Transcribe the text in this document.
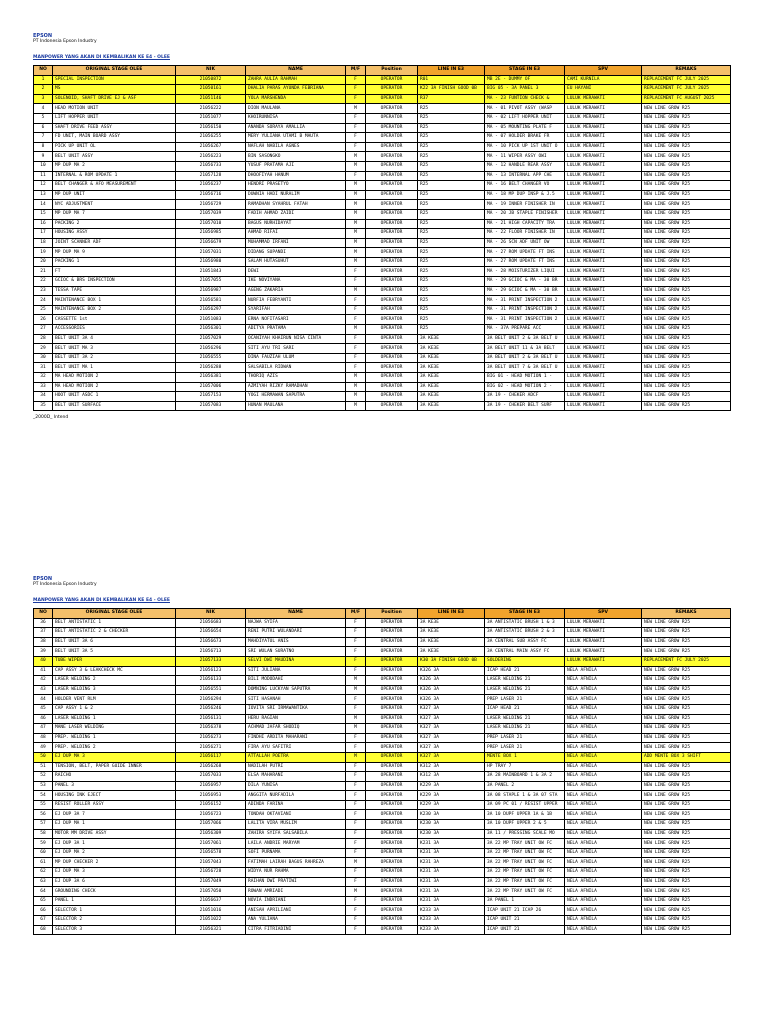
EPSON
PT Indonesia Epson Industry
MANPOWER YANG AKAN DI KEMBALIKAN KE E4 - OLEE
NO	ORIGINAL STAGE OLEE	NIK	NAME	M/F	Position	LINE IN E3	STAGE IN E3	SPV	REMAKS
1	SPECIAL INSPECTION	21050872	ZAHRA AULIA RAHMAH	F	OPERATOR	R01	MB 2E - DUMMY OF	CAMI KURNILA	REPLACEMENT FC JULY 2025
2	MS	21050161	DHALIA PARAS AYUNDA FEBRIANA	F	OPERATOR	K22 3A FINISH GOOD 0B	BIG 05 - 3A PANEL 3	EU HAYANI	REPLACEMENT FC JULY 2025
3	SOLENOID, SHAFT DRIVE EJ & ASF	21051146	YOLA MARSHENDA	F	OPERATOR	R37	MA - 23 FUNTION CHECK &	LULUK MERAWATI	REPLACEMENT FC AUGUST 2025
4	HEAD MOTION UNIT	21056222	DION MAULANA	M	OPERATOR	R25	MA - 01 PIVOT ASSY (WASP	LULUK MERAWATI	NEW LINE GROW R25
5	LIFT HOPPER UNIT	21051077	KHOIRUNNISA	F	OPERATOR	R25	MA - 02 LIFT HOPPER UNIT	LULUK MERAWATI	NEW LINE GROW R25
6	SHAFT DRIVE FEED ASSY	21056150	ANANDA SORAYA AMALLIA	F	OPERATOR	R25	MA - 05 MOUNTING PLATE F	LULUK MERAWATI	NEW LINE GROW R25
7	FD UNIT, MAIN BOARD ASSY	21056255	MERY YULIANA UTAMI B MAUTA	F	OPERATOR	R25	MA - 07 HOLDER BRAKE FR	LULUK MERAWATI	NEW LINE GROW R25
8	PICK UP UNIT OL	21056267	NAFLAH NABILA AGNES	F	OPERATOR	R25	MA - 10 PICK UP 1ST UNIT O	LULUK MERAWATI	NEW LINE GROW R25
9	BELT UNIT ASSY	21056223	BIN SASONGKO	M	OPERATOR	R25	MA - 11 WIPER ASSY OWI	LULUK MERAWATI	NEW LINE GROW R25
10	MP DUP MA 2	21056733	YUSUF PRATAMA AJI	M	OPERATOR	R25	MA - 12 HANDLE REAR ASSY	LULUK MERAWATI	NEW LINE GROW R25
11	INTERNAL & ROM UPDATE 1	21057128	DHOOFIYAH HANUM	F	OPERATOR	R25	MA - 13 INTERNAL APP CHE	LULUK MERAWATI	NEW LINE GROW R25
12	BELT CHANGER & AFO MEASUREMENT	21056237	HENDRI PRASETYO	M	OPERATOR	R25	MA - 16 BELT CHANGER VO	LULUK MERAWATI	NEW LINE GROW R25
13	MP DUP UNIT	21056716	DUWNIA HADI NURALIM	M	OPERATOR	R25	MA - 18 MP DUP INSP & J.5	LULUK MERAWATI	NEW LINE GROW R25
14	NYC ADJUSTMENT	21056729	RAMADHAN SYAHRUL FATAH	M	OPERATOR	R25	MA - 19 INNER FINISHER IN	LULUK MERAWATI	NEW LINE GROW R25
15	MP DUP MA 7	21057039	FADIH AHMAD ZAIDI	M	OPERATOR	R25	MA - 20 JB STAPLE FINISHER	LULUK MERAWATI	NEW LINE GROW R25
16	PACKING 2	21057010	BAGUS NURHIDAYAT	M	OPERATOR	R25	MA - 21 HIGH CAPACITY TRA	LULUK MERAWATI	NEW LINE GROW R25
17	HOUSING ASSY	21056985	AHMAD RIFAI	M	OPERATOR	R25	MA - 22 FLOOR FINISHER IN	LULUK MERAWATI	NEW LINE GROW R25
18	JOINT SCANNER ADF	21056679	MUHAMMAD IRFANI	M	OPERATOR	R25	MA - 26 SCN ADF UNIT OW	LULUK MERAWATI	NEW LINE GROW R25
19	MP DUP MA 9	21057031	DIDANG SUPANDI	M	OPERATOR	R25	MA - 27 ROM UPDATE FT INS	LULUK MERAWATI	NEW LINE GROW R25
20	PACKING 1	21056980	SALAM HUTASUHUT	M	OPERATOR	R25	MA - 27 ROM UPDATE FT INS	LULUK MERAWATI	NEW LINE GROW R25
21	FT	21051843	DEWI	F	OPERATOR	R25	MA - 28 MOISTURIZER LIQUI	LULUK MERAWATI	NEW LINE GROW R25
22	GCIOC & BRS INSPECTION	21057055	IKE NOVIYANA	F	OPERATOR	R25	MA - 29 GCIOC & MA - 30 BR	LULUK MERAWATI	NEW LINE GROW R25
23	TESSA TAPE	21056987	AGENG ZAKARIA	M	OPERATOR	R25	MA - 29 GCIOC & MA - 30 BR	LULUK MERAWATI	NEW LINE GROW R25
24	MAINTENANCE BOX 1	21056581	NURFIA FEBRYANTI	F	OPERATOR	R25	MA - 31 PRINT INSPECTION 2	LULUK MERAWATI	NEW LINE GROW R25
25	MAINTENANCE BOX 2	21056297	SYARIFAH	F	OPERATOR	R25	MA - 31 PRINT INSPECTION 2	LULUK MERAWATI	NEW LINE GROW R25
26	CASSETTE 1st	21051083	ERNA NOFITASARI	F	OPERATOR	R25	MA - 31 PRINT INSPECTION 2	LULUK MERAWATI	NEW LINE GROW R25
27	ACCESSORIES	21056301	ADITYA PRATAMA	M	OPERATOR	R25	MA - 37A PREPARE ACC	LULUK MERAWATI	NEW LINE GROW R25
28	BELT UNIT 3A 4	21057029	OCANIYAH KHAIRUN NISA CINTA	F	OPERATOR	3A KE3E	3A BELT UNIT 2 & 3A BELT U	LULUK MERAWATI	NEW LINE GROW R25
29	BELT UNIT MA 3	21056296	SITI AYU TRI SARI	F	OPERATOR	3A KE3E	3A BELT UNIT 11 & 3A BELT	LULUK MERAWATI	NEW LINE GROW R25
30	BELT UNIT 3A 2	21056555	DINA FAUZIAH ULUM	F	OPERATOR	3A KE3E	3A BELT UNIT 2 & 3A BELT U	LULUK MERAWATI	NEW LINE GROW R25
31	BELT UNIT MA 1	21056288	SALSABILA RIDWAN	F	OPERATOR	3A KE3E	3A BELT UNIT 7 & 3A BELT U	LULUK MERAWATI	NEW LINE GROW R25
32	MA HEAD MOTION 2	21056381	THORIQ AZIS	M	OPERATOR	3A KE3E	BIG 01 - HEAD MOTION 1 -	LULUK MERAWATI	NEW LINE GROW R25
33	MA HEAD MOTION 2	21057006	AZMIYAH RIZKY RAMADHAN	M	OPERATOR	3A KE3E	BIG 02 - HEAD MOTION 2 -	LULUK MERAWATI	NEW LINE GROW R25
34	HOOT UNIT ASDC 1	21057153	YOGI HERMAWAN SAPUTRA	M	OPERATOR	3A KE3E	3A 19 - CHEKER ADCF	LULUK MERAWATI	NEW LINE GROW R25
35	BELT UNIT SURFACE	21057083	HUNAN MAULANA	M	OPERATOR	3A KE3E	3A 19 - CHEKER BELT SURF	LULUK MERAWATI	NEW LINE GROW R25
_2000D_ Intend
EPSON
PT Indonesia Epson Industry
MANPOWER YANG AKAN DI KEMBALIKAN KE E4 - OLEE
NO	ORIGINAL STAGE OLEE	NIK	NAME	M/F	Position	LINE IN E3	STAGE IN E3	SPV	REMAKS
36	BELT ANTISTATIC 1	21056683	NAJWA SYIFA	F	OPERATOR	3A KE3E	3A ANTISTATIC BRUSH 1 & 3	LULUK MERAWATI	NEW LINE GROW R25
37	BELT ANTISTATIC 2 & CHECKER	21056654	RENI PUTRI WULANDARI	F	OPERATOR	3A KE3E	3A ANTISTATIC BRUSH 2 & 3	LULUK MERAWATI	NEW LINE GROW R25
38	BELT UNIT 3A 6	21056673	MAHDIYATUL ANIS	F	OPERATOR	3A KE3E	3A CENTRAL SUB ASSY FC	LULUK MERAWATI	NEW LINE GROW R25
39	BELT UNIT 3A 5	21056713	SRI WULAN SURATNO	F	OPERATOR	3A KE3E	3A CENTRAL MAIN ASSY FC	LULUK MERAWATI	NEW LINE GROW R25
40	TUBE WIPER	21057133	SELVI DWI MAUDINA	F	OPERATOR	K30 3A FINISH GOOD 0B	SOLDERING	LULUK MERAWATI	REPLACEMENT FC JULY 2025
41	CAP ASSY 3 & LEAKCHECK MC	21056123	SITI JULIANA	F	OPERATOR	K326 3A	ICAP HEAD 21	NELA AFNILA	NEW LINE GROW R25
42	LASER WELDING 2	21056133	BILI MODODAHI	M	OPERATOR	K326 3A	LASER WELDING 21	NELA AFNILA	NEW LINE GROW R25
43	LASER WELDING 3	21056551	DOMNING LUCKYAN SAPUTRA	M	OPERATOR	K326 3A	LASER WELDING 21	NELA AFNILA	NEW LINE GROW R25
44	HOLDER VENT RLM	21056294	SITI HASANAH	F	OPERATOR	K326 3A	PREP LASER 21	NELA AFNILA	NEW LINE GROW R25
45	CAP ASSY 1 & 2	21056246	IOVITA SRI IRMAWANTIKA	F	OPERATOR	K327 3A	ICAP HEAD 21	NELA AFNILA	NEW LINE GROW R25
46	LASER WELDING 1	21056131	HERU RAGIAN	M	OPERATOR	K327 3A	LASER WELDING 21	NELA AFNILA	NEW LINE GROW R25
47	MANE LASER WELDING	21056378	ACHMAD JAFAR SHODIQ	M	OPERATOR	K327 3A	LASER WELDING 21	NELA AFNILA	NEW LINE GROW R25
48	PREP. WELDING 1	21056273	FINDHI ARDITA MAHARANI	F	OPERATOR	K327 3A	PREP LASER 21	NELA AFNILA	NEW LINE GROW R25
49	PREP. WELDING 2	21056271	FIRA AYU SAFITRI	F	OPERATOR	K327 3A	PREP LASER 21	NELA AFNILA	NEW LINE GROW R25
50	EJ DUP MA 3	21056117	ATTALLAH POETRA	M	OPERATOR	K327 3A	MENTE BOX 1	NELA AFNILA	ADD MENTE BOX 3 SHIFT
51	TENSION, BELT, PAPER GUIDE INNER	21056268	NADILAH PUTRI	F	OPERATOR	K312 3A	HP TRAY 7	NELA AFNILA	NEW LINE GROW R25
52	RAICHO	21057033	ELSA MAHARANI	F	OPERATOR	K312 3A	3A 28 MAINBOARD 1 & 3A 2	NELA AFNILA	NEW LINE GROW R25
53	PANEL 3	21056957	DILA YUNISA	F	OPERATOR	K229 3A	3A PANEL 2	NELA AFNILA	NEW LINE GROW R25
54	HOUSING INK EJECT	21056953	ANGGITA NURFADILA	F	OPERATOR	K229 3A	3A 08 STAPLE 1 & 3A 07 STA	NELA AFNILA	NEW LINE GROW R25
55	RESIST ROLLER ASSY	21056152	ADINDA FARINA	F	OPERATOR	K229 3A	3A 09 PC 01 / RESIST UPPER	NELA AFNILA	NEW LINE GROW R25
56	EJ DUP 3A 7	21056723	TONDAH OKTAVIANI	F	OPERATOR	K230 3A	3A 10 DUPF UPPER 1A & 1B	NELA AFNILA	NEW LINE GROW R25
57	EJ DUP MA 1	21057066	LALITA VIRA MUSLIM	F	OPERATOR	K230 3A	3A 10 DUPF UPPER 2 & 5	NELA AFNILA	NEW LINE GROW R25
58	MOTOR MM DRIVE ASSY	21056309	ZAHIRA SYIFA SALSABILA	F	OPERATOR	K230 3A	3A 11 / PRESSING SCALE MO	NELA AFNILA	NEW LINE GROW R25
59	EJ DUP 3A 1	21057061	LAILA ANDRIE MARYAM	F	OPERATOR	K231 3A	3A 22 MP TRAY UNIT OW FC	NELA AFNILA	NEW LINE GROW R25
60	EJ DUP MA 2	21056578	SOFI PURNAMA	F	OPERATOR	K231 3A	3A 22 MP TRAY UNIT OW FC	NELA AFNILA	NEW LINE GROW R25
61	MP DUP CHECKER 2	21057043	FATIMAH LAIRAH BAGUS RAHREZA	M	OPERATOR	K231 3A	3A 22 MP TRAY UNIT OW FC	NELA AFNILA	NEW LINE GROW R25
62	EJ DUP MA 3	21056728	WIDYA NUR RAHMA	F	OPERATOR	K231 3A	3A 22 MP TRAY UNIT OW FC	NELA AFNILA	NEW LINE GROW R25
63	EJ DUP 3A 6	21057049	RAIHAN DWI PRATIWI	F	OPERATOR	K231 3A	3A 22 MP TRAY UNIT OW FC	NELA AFNILA	NEW LINE GROW R25
64	GROUNDING CHECK	21057050	ROWAN AMRIADI	M	OPERATOR	K231 3A	3A 22 MP TRAY UNIT OW FC	NELA AFNILA	NEW LINE GROW R25
65	PANEL 1	21056637	NOVIA INDRIANI	F	OPERATOR	K231 3A	3A PANEL 1	NELA AFNILA	NEW LINE GROW R25
66	SELECTOR 1	21051016	ANISAH APRILIANI	F	OPERATOR	K233 3A	ICAP UNIT 21 ICAP 26	NELA AFNILA	NEW LINE GROW R25
67	SELECTOR 2	21051022	ANA YULIANA	F	OPERATOR	K233 3A	ICAP UNIT 21	NELA AFNILA	NEW LINE GROW R25
68	SELECTOR 3	21056321	CITRA FITRIADINI	F	OPERATOR	K233 3A	ICAP UNIT 21	NELA AFNILA	NEW LINE GROW R25
